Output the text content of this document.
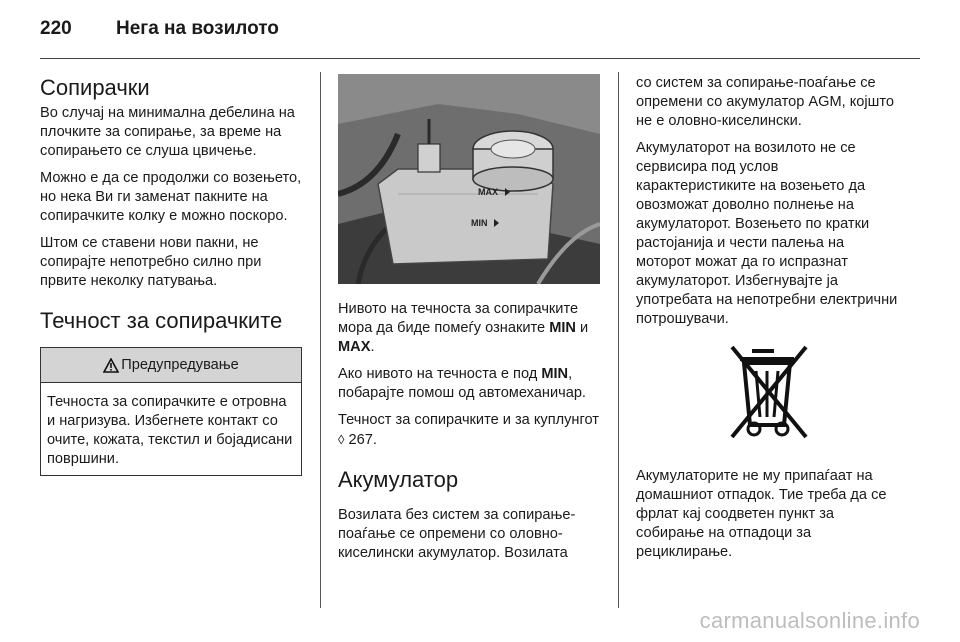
220 Нега на возилото
Сопирачки

Во случај на минимална дебелина на плочките за сопирање, за време на сопирањето се слуша цвичење.

Можно е да се продолжи со возењето, но нека Ви ги заменат пакните на сопирачките колку е можно поскоро.

Штом се ставени нови пакни, не сопирајте непотребно силно при првите неколку патувања.

Течност за сопирачките
Предупредување
Течноста за сопирачките е отровна и нагризува. Избегнете контакт со очите, кожата, текстил и бојадисани површини.
MAX
MIN

Нивото на течноста за сопирачките мора да биде помеѓу ознаките MIN и MAX.

Ако нивото на течноста е под MIN, побарајте помош од автомеханичар.

Течност за сопирачките и за куплунгот ◊ 267.

Акумулатор

Возилата без систем за сопирање-поаѓање се опремени со оловно-киселински акумулатор. Возилата

со систем за сопирање-поаѓање се опремени со акумулатор AGM, којшто не е оловно-киселински.

Акумулаторот на возилото не се сервисира под услов карактеристиките на возењето да овозможат доволно полнење на акумулаторот. Возењето по кратки растојанија и чести палења на моторот можат да го испразнат акумулаторот. Избегнувајте ја употребата на непотребни електрични потрошувачи.

Акумулаторите не му припаѓаат на домашниот отпадок. Тие треба да се фрлат кај соодветен пункт за собирање на отпадоци за рециклирање.

carmanualsonline.info
